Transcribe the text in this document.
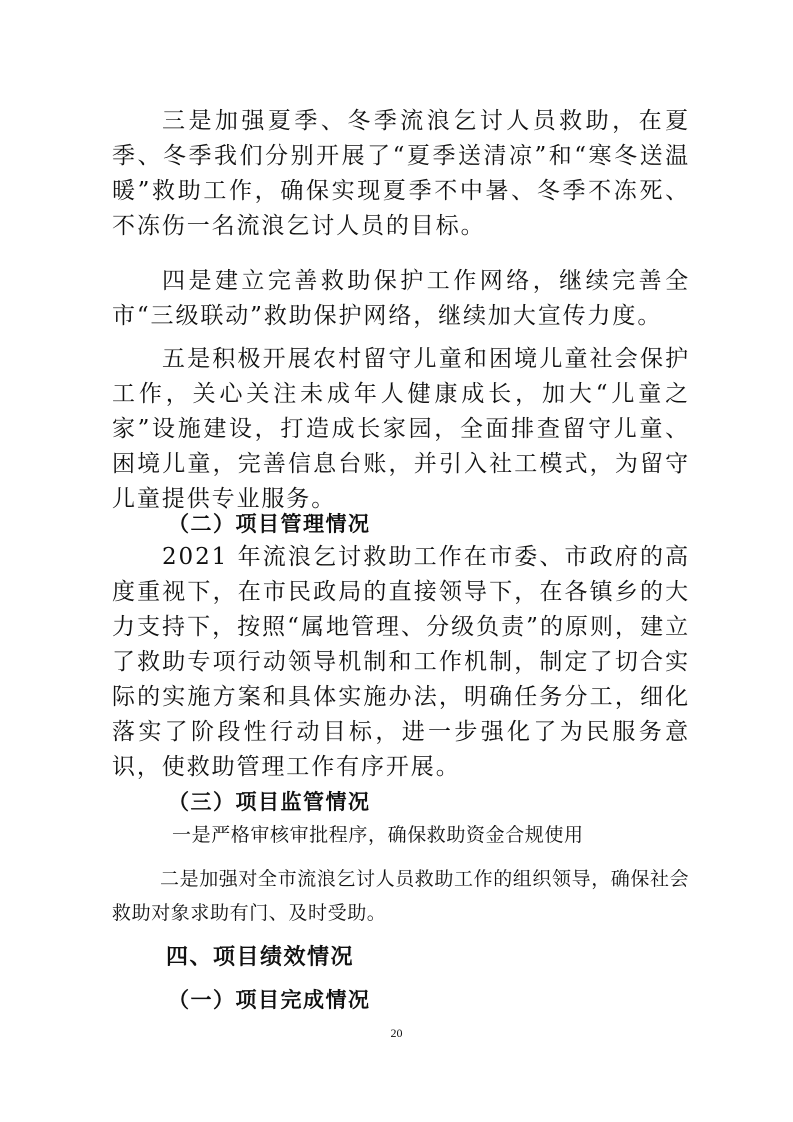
三是加强夏季、冬季流浪乞讨人员救助，在夏季、冬季我们分别开展了“夏季送清凉”和“寒冬送温暖”救助工作，确保实现夏季不中暑、冬季不冻死、不冻伤一名流浪乞讨人员的目标。

四是建立完善救助保护工作网络，继续完善全市“三级联动”救助保护网络，继续加大宣传力度。

五是积极开展农村留守儿童和困境儿童社会保护工作，关心关注未成年人健康成长，加大“儿童之家”设施建设，打造成长家园，全面排查留守儿童、困境儿童，完善信息台账，并引入社工模式，为留守儿童提供专业服务。

（二）项目管理情况

2021 年流浪乞讨救助工作在市委、市政府的高度重视下，在市民政局的直接领导下，在各镇乡的大力支持下，按照“属地管理、分级负责”的原则，建立了救助专项行动领导机制和工作机制，制定了切合实际的实施方案和具体实施办法，明确任务分工，细化落实了阶段性行动目标，进一步强化了为民服务意识，使救助管理工作有序开展。

（三）项目监管情况

一是严格审核审批程序，确保救助资金合规使用

二是加强对全市流浪乞讨人员救助工作的组织领导，确保社会救助对象求助有门、及时受助。

四、项目绩效情况
（一）项目完成情况
20
